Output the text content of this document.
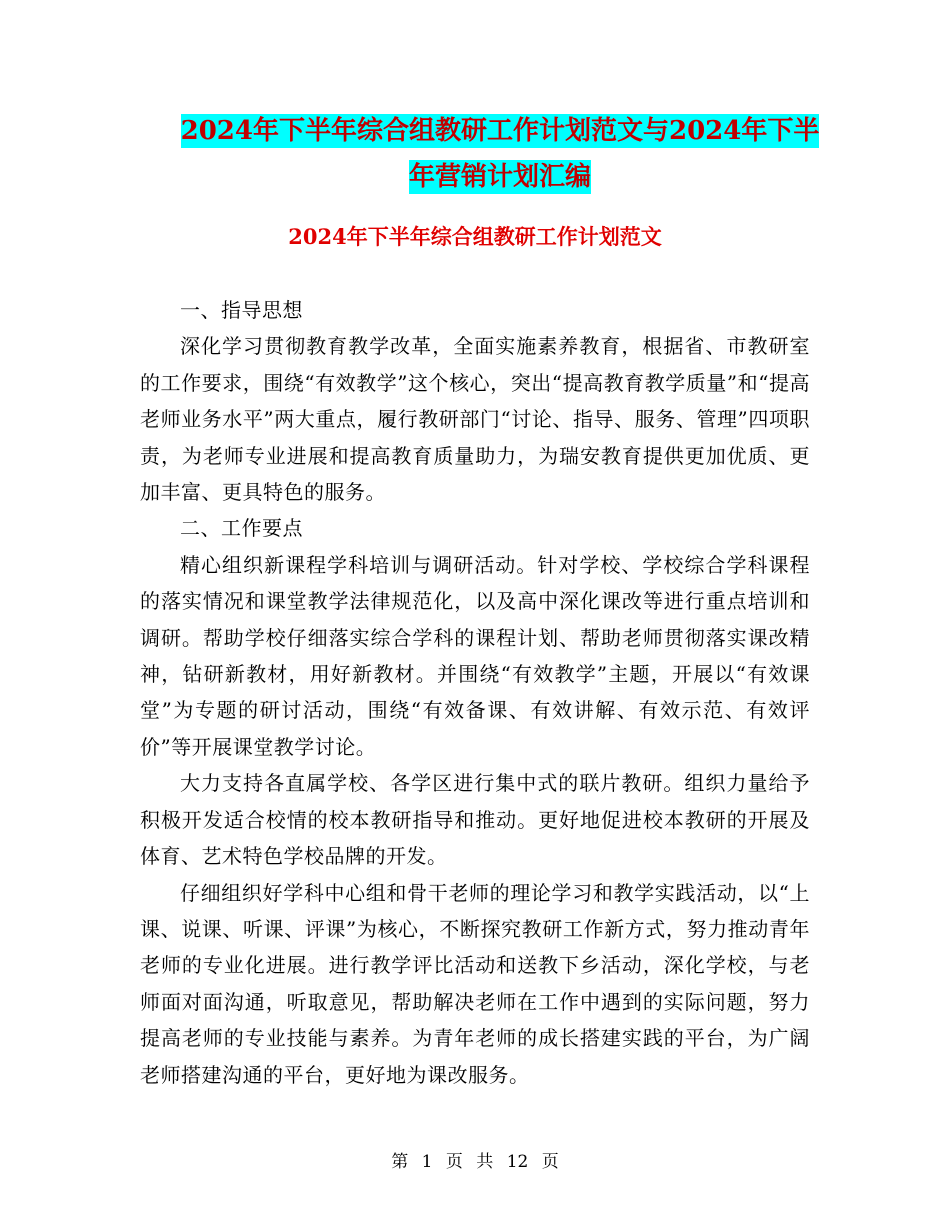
2024年下半年综合组教研工作计划范文与2024年下半
年营销计划汇编
2024年下半年综合组教研工作计划范文

一、指导思想

深化学习贯彻教育教学改革，全面实施素养教育，根据省、市教研室的工作要求，围绕“有效教学”这个核心，突出“提高教育教学质量”和“提高老师业务水平”两大重点，履行教研部门“讨论、指导、服务、管理”四项职责，为老师专业进展和提高教育质量助力，为瑞安教育提供更加优质、更加丰富、更具特色的服务。

二、工作要点

精心组织新课程学科培训与调研活动。针对学校、学校综合学科课程的落实情况和课堂教学法律规范化，以及高中深化课改等进行重点培训和调研。帮助学校仔细落实综合学科的课程计划、帮助老师贯彻落实课改精神，钻研新教材，用好新教材。并围绕“有效教学”主题，开展以“有效课堂”为专题的研讨活动，围绕“有效备课、有效讲解、有效示范、有效评价”等开展课堂教学讨论。

大力支持各直属学校、各学区进行集中式的联片教研。组织力量给予积极开发适合校情的校本教研指导和推动。更好地促进校本教研的开展及体育、艺术特色学校品牌的开发。

仔细组织好学科中心组和骨干老师的理论学习和教学实践活动，以“上课、说课、听课、评课”为核心，不断探究教研工作新方式，努力推动青年老师的专业化进展。进行教学评比活动和送教下乡活动，深化学校，与老师面对面沟通，听取意见，帮助解决老师在工作中遇到的实际问题，努力提高老师的专业技能与素养。为青年老师的成长搭建实践的平台，为广阔老师搭建沟通的平台，更好地为课改服务。

第 1 页 共 12 页
